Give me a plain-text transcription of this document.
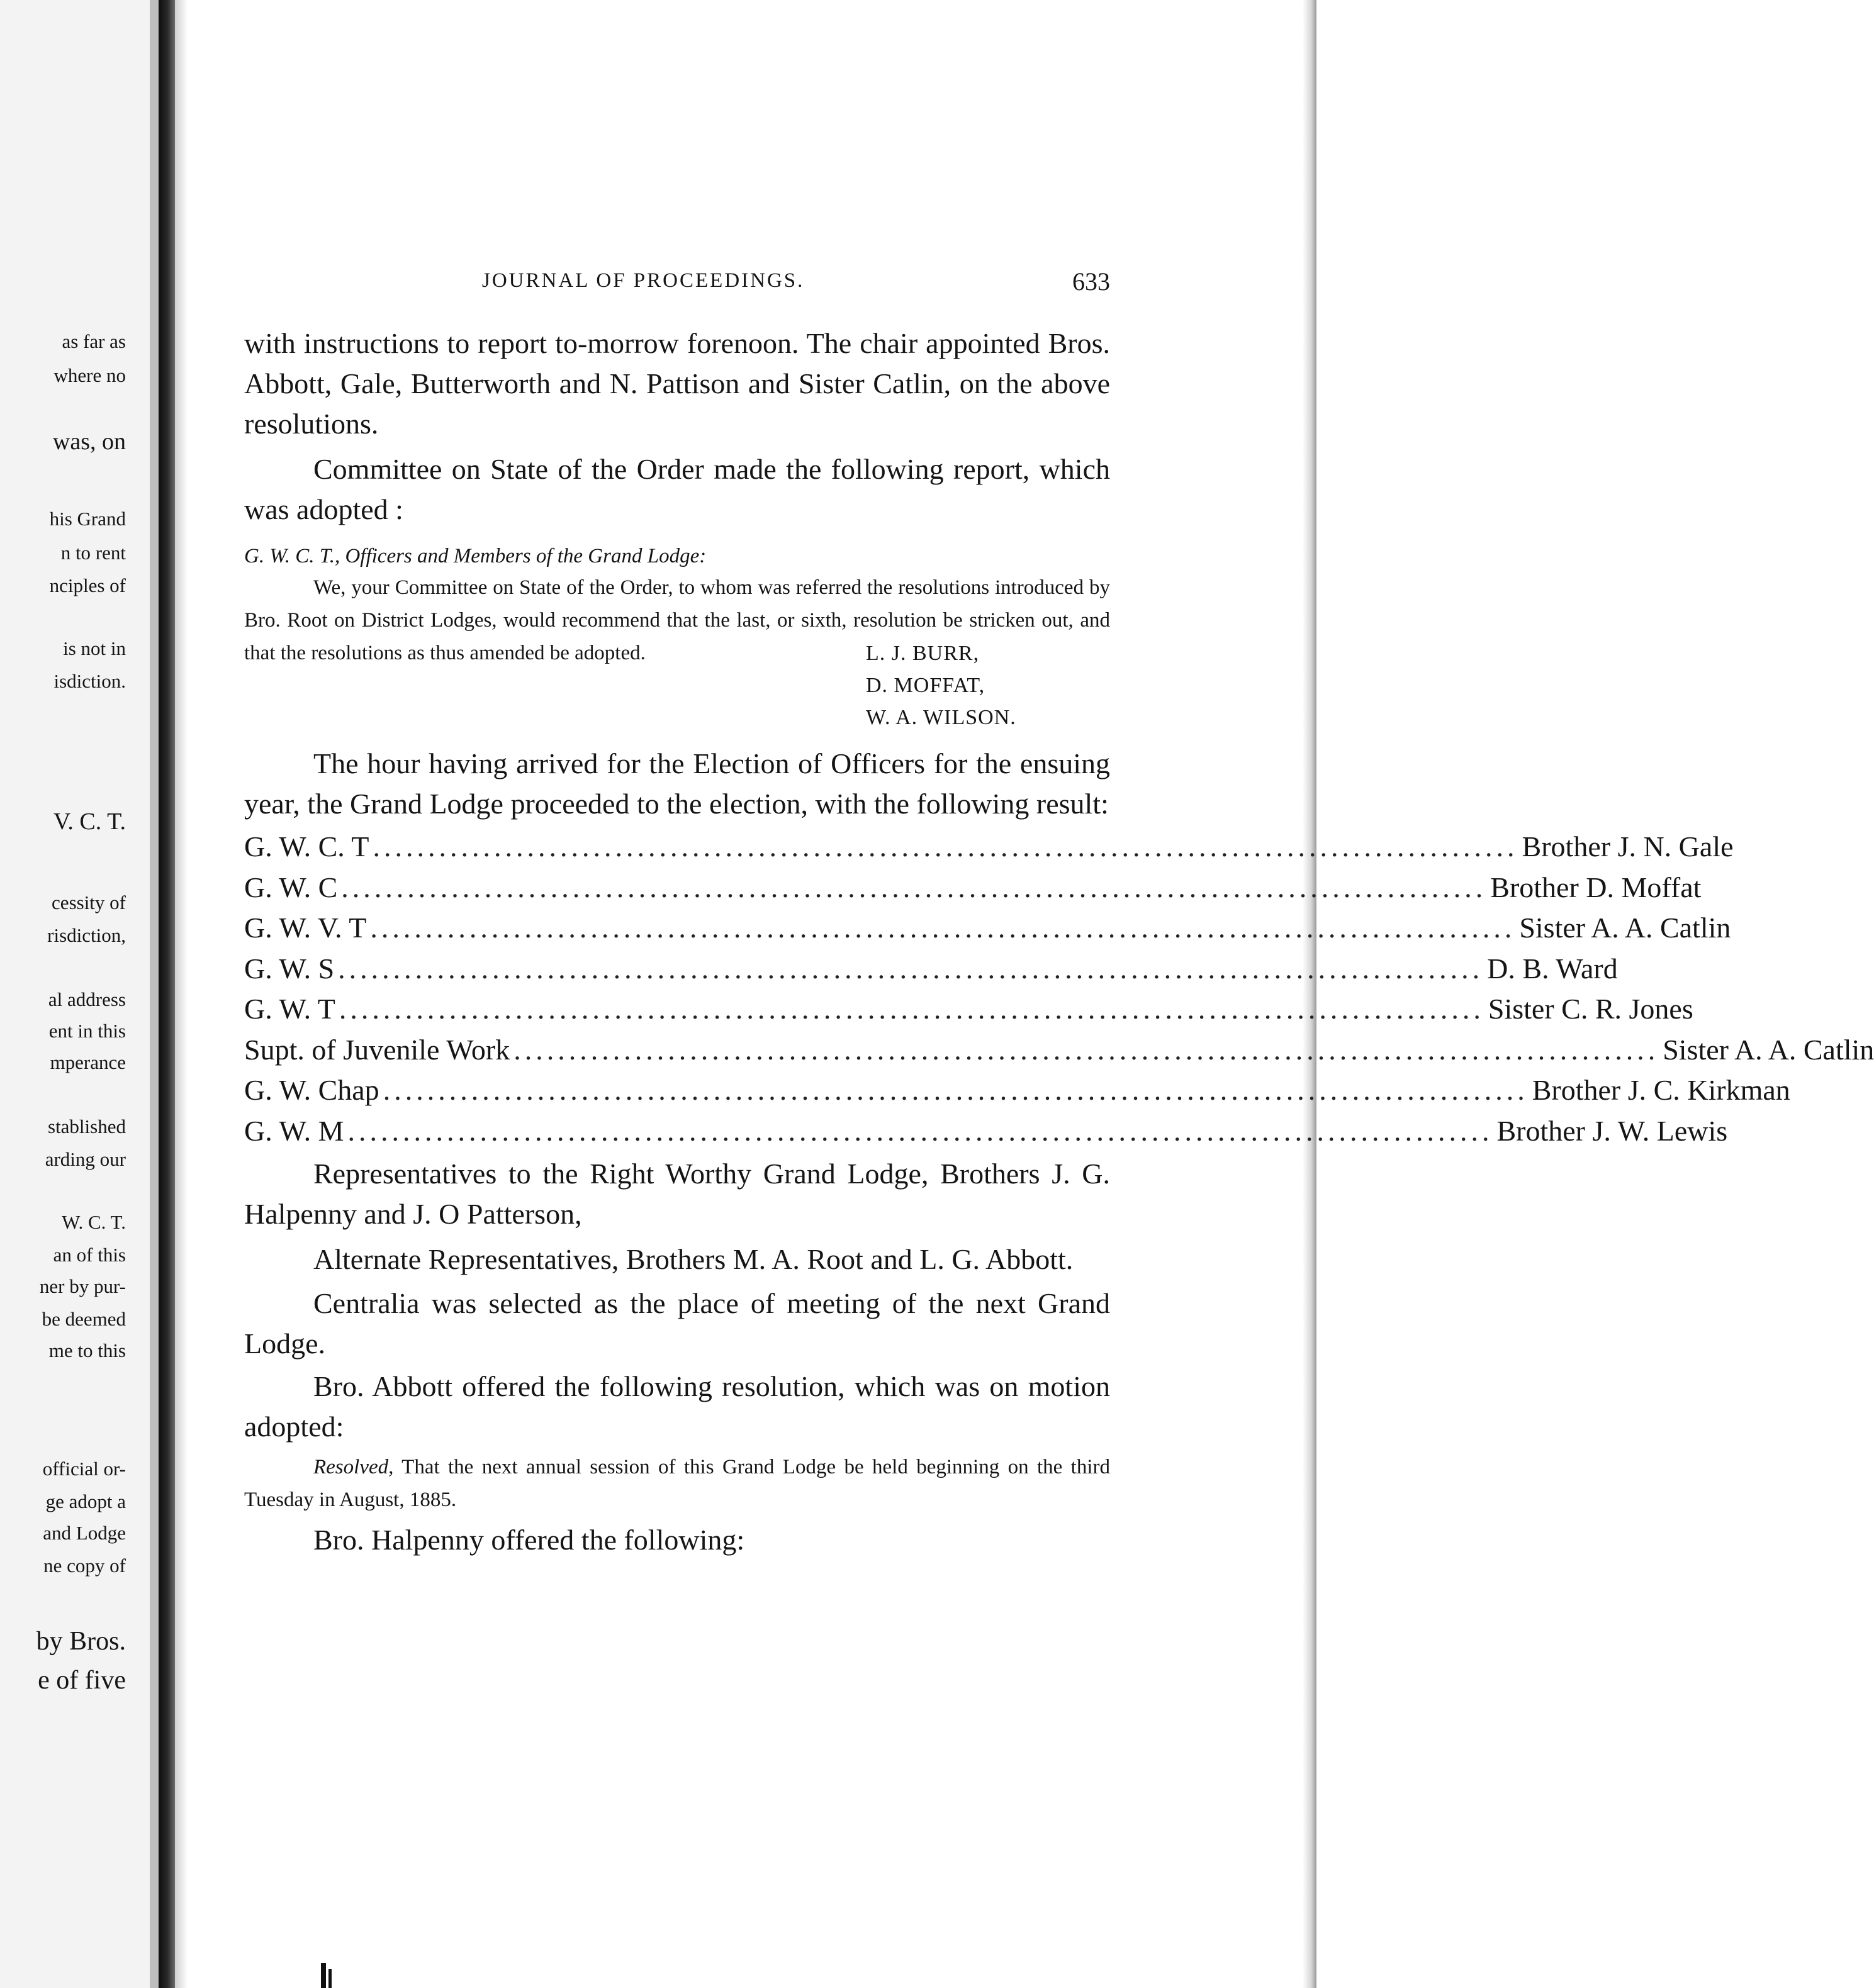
as far as
where no
was, on
his Grand
n to rent
nciples of
is not in
isdiction.
V. C. T.
cessity of
risdiction,
al address
ent in this
mperance
stablished
arding our
W. C. T.
an of this
ner by pur-
be deemed
me to this
official or-
ge adopt a
and Lodge
ne copy of
by Bros.
e of five
JOURNAL OF PROCEEDINGS.	633

with instructions to report to-morrow forenoon. The chair appointed Bros. Abbott, Gale, Butterworth and N. Pattison and Sister Catlin, on the above resolutions.

Committee on State of the Order made the following report, which was adopted :

G. W. C. T., Officers and Members of the Grand Lodge:

We, your Committee on State of the Order, to whom was referred the resolutions introduced by Bro. Root on District Lodges, would recommend that the last, or sixth, resolution be stricken out, and that the resolutions as thus amended be adopted.	L. J. BURR,
D. MOFFAT,
W. A. WILSON.

The hour having arrived for the Election of Officers for the ensuing year, the Grand Lodge proceeded to the election, with the following result:

G. W. C. T ........................................................................................................ Brother J. N. Gale
G. W. C ........................................................................................................ Brother D. Moffat
G. W. V. T ........................................................................................................ Sister A. A. Catlin
G. W. S ........................................................................................................ D. B. Ward
G. W. T ........................................................................................................ Sister C. R. Jones
Supt. of Juvenile Work ........................................................................................................ Sister A. A. Catlin
G. W. Chap ........................................................................................................ Brother J. C. Kirkman
G. W. M ........................................................................................................ Brother J. W. Lewis

Representatives to the Right Worthy Grand Lodge, Brothers J. G. Halpenny and J. O Patterson,

Alternate Representatives, Brothers M. A. Root and L. G. Abbott.

Centralia was selected as the place of meeting of the next Grand Lodge.

Bro. Abbott offered the following resolution, which was on motion adopted:

Resolved, That the next annual session of this Grand Lodge be held beginning on the third Tuesday in August, 1885.

Bro. Halpenny offered the following:
